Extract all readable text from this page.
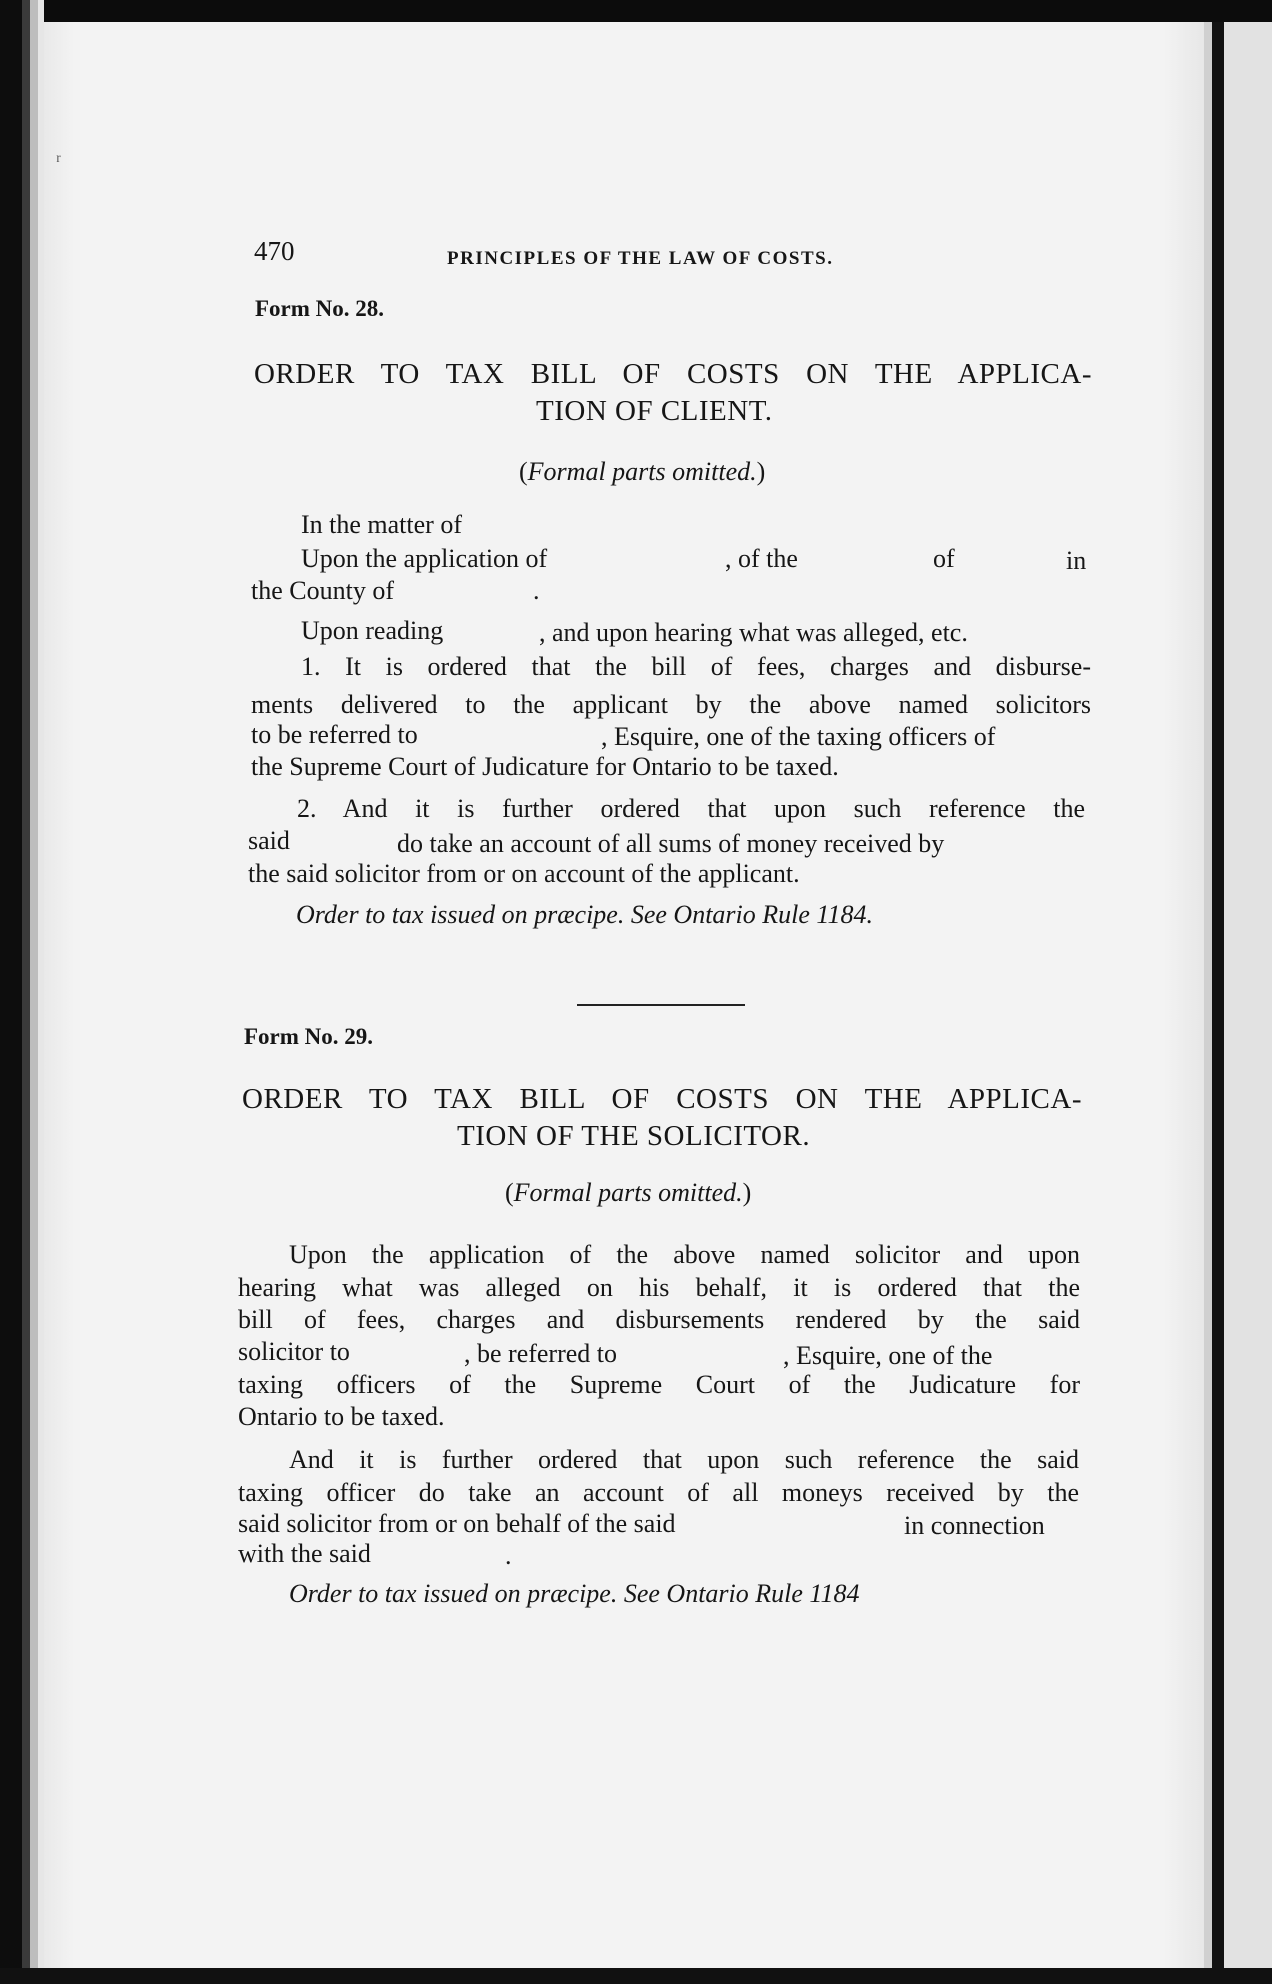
ʳ
470	PRINCIPLES OF THE LAW OF COSTS.
Form No. 28.
ORDER TO TAX BILL OF COSTS ON THE APPLICA-
TION OF CLIENT.
(Formal parts omitted.)
In the matter of
Upon the application of	, of the	of	in
the County of	.
Upon reading	, and upon hearing what was alleged, etc.
1. It is ordered that the bill of fees, charges and disburse-
ments delivered to the applicant by the above named solicitors
to be referred to	, Esquire, one of the taxing officers of
the Supreme Court of Judicature for Ontario to be taxed.
2. And it is further ordered that upon such reference the
said	do take an account of all sums of money received by
the said solicitor from or on account of the applicant.
Order to tax issued on præcipe. See Ontario Rule 1184.
Form No. 29.
ORDER TO TAX BILL OF COSTS ON THE APPLICA-
TION OF THE SOLICITOR.
(Formal parts omitted.)
Upon the application of the above named solicitor and upon
hearing what was alleged on his behalf, it is ordered that the
bill of fees, charges and disbursements rendered by the said
solicitor to	, be referred to	, Esquire, one of the
taxing officers of the Supreme Court of the Judicature for
Ontario to be taxed.
And it is further ordered that upon such reference the said
taxing officer do take an account of all moneys received by the
said solicitor from or on behalf of the said	in connection
with the said	.
Order to tax issued on præcipe. See Ontario Rule 1184
